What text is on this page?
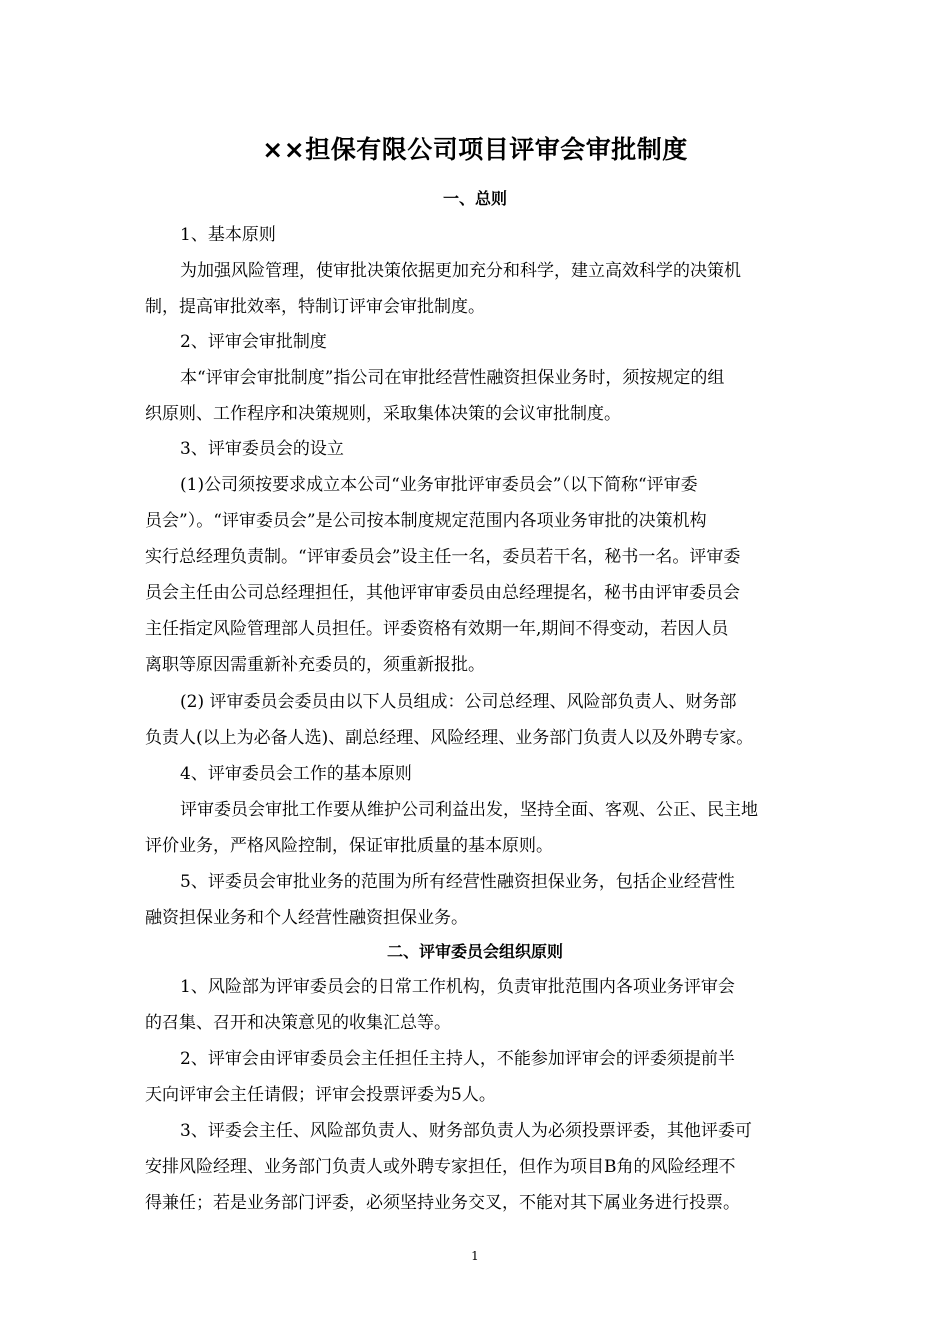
××担保有限公司项目评审会审批制度
一、总则
1、基本原则
为加强风险管理，使审批决策依据更加充分和科学，建立高效科学的决策机
制，提高审批效率，特制订评审会审批制度。
2、评审会审批制度
本“评审会审批制度”指公司在审批经营性融资担保业务时，须按规定的组
织原则、工作程序和决策规则，采取集体决策的会议审批制度。
3、评审委员会的设立
(1)公司须按要求成立本公司“业务审批评审委员会”（以下简称“评审委
员会”）。“评审委员会”是公司按本制度规定范围内各项业务审批的决策机构
实行总经理负责制。“评审委员会”设主任一名，委员若干名，秘书一名。评审委
员会主任由公司总经理担任，其他评审审委员由总经理提名，秘书由评审委员会
主任指定风险管理部人员担任。评委资格有效期一年,期间不得变动，若因人员
离职等原因需重新补充委员的，须重新报批。
(2) 评审委员会委员由以下人员组成：公司总经理、风险部负责人、财务部
负责人(以上为必备人选)、副总经理、风险经理、业务部门负责人以及外聘专家。
4、评审委员会工作的基本原则
评审委员会审批工作要从维护公司利益出发，坚持全面、客观、公正、民主地
评价业务，严格风险控制，保证审批质量的基本原则。
5、评委员会审批业务的范围为所有经营性融资担保业务，包括企业经营性
融资担保业务和个人经营性融资担保业务。
二、评审委员会组织原则
1、风险部为评审委员会的日常工作机构，负责审批范围内各项业务评审会
的召集、召开和决策意见的收集汇总等。
2、评审会由评审委员会主任担任主持人，不能参加评审会的评委须提前半
天向评审会主任请假；评审会投票评委为5人。
3、评委会主任、风险部负责人、财务部负责人为必须投票评委，其他评委可
安排风险经理、业务部门负责人或外聘专家担任，但作为项目B角的风险经理不
得兼任；若是业务部门评委，必须坚持业务交叉，不能对其下属业务进行投票。
1
